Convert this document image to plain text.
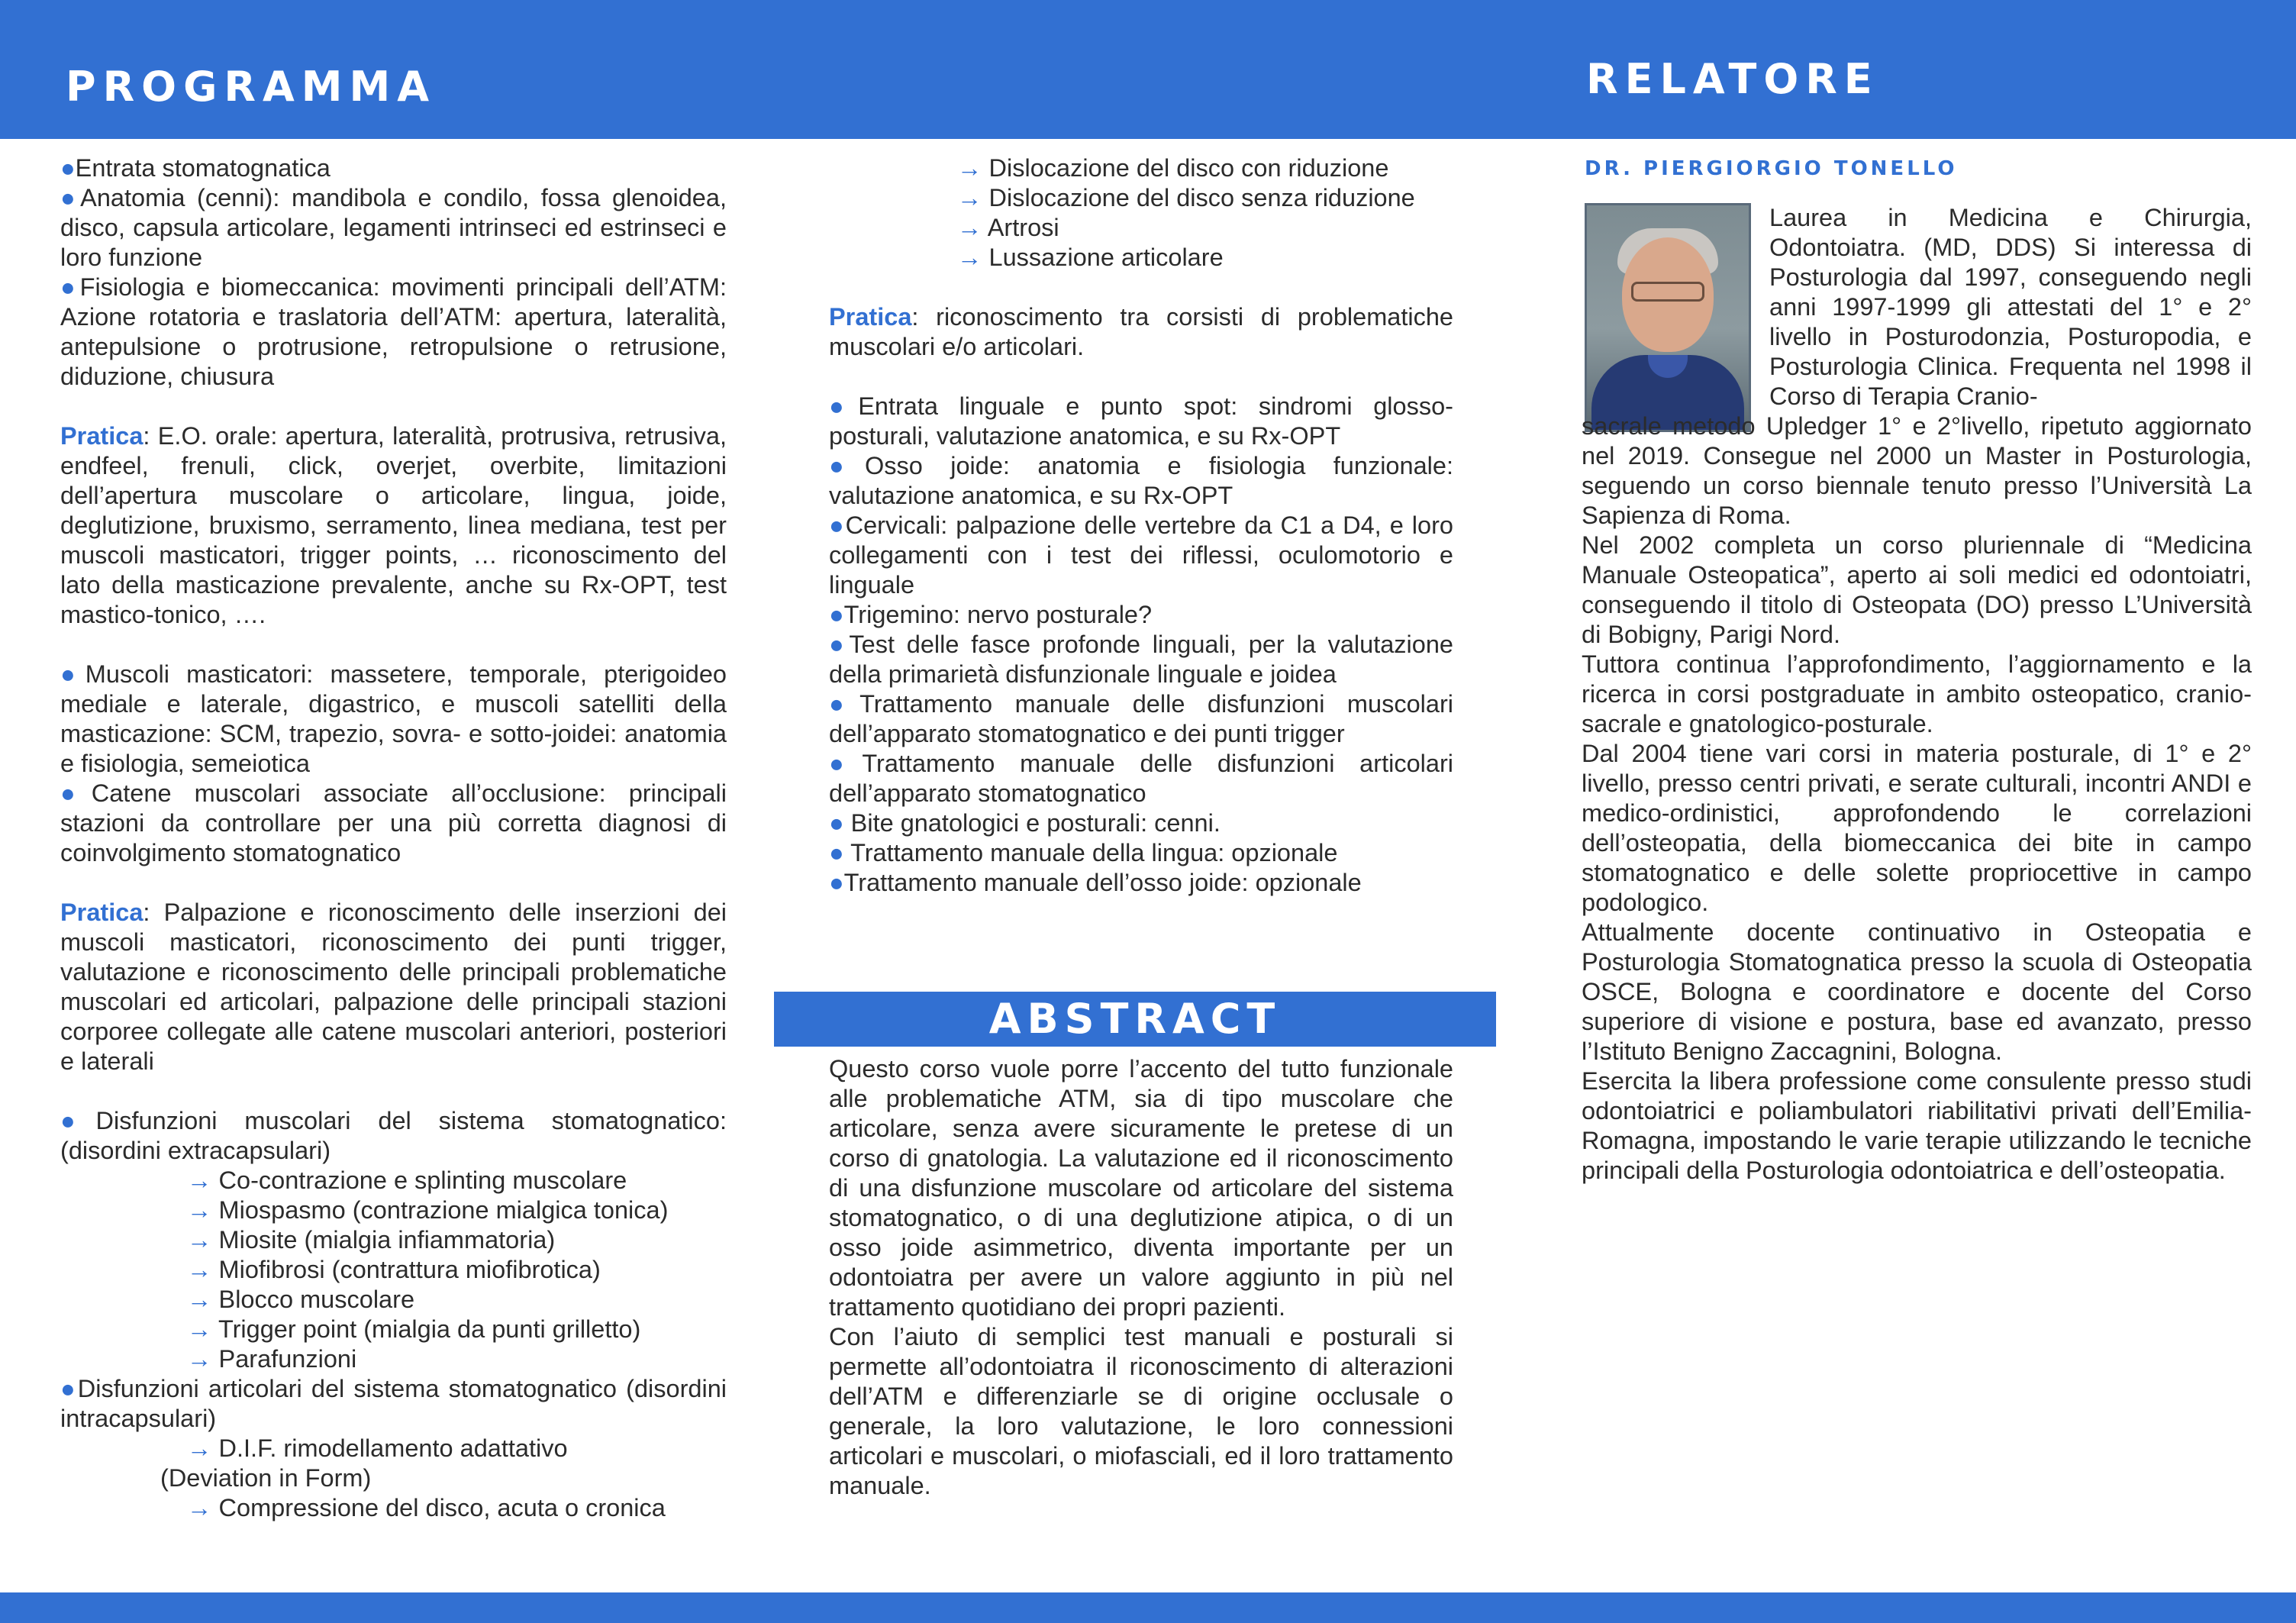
PROGRAMMA	RELATORE

●Entrata stomatognatica

●Anatomia (cenni): mandibola e condilo, fossa glenoidea, disco, capsula articolare, legamenti intrinseci ed estrinseci e loro funzione

●Fisiologia e biomeccanica: movimenti principali dell’ATM: Azione rotatoria e traslatoria dell’ATM: apertura, lateralità, antepulsione o protrusione, retropulsione o retrusione, diduzione, chiusura

Pratica: E.O. orale: apertura, lateralità, protrusiva, retrusiva, endfeel, frenuli, click, overjet, overbite, limitazioni dell’apertura muscolare o articolare, lingua, joide, deglutizione, bruxismo, serramento, linea mediana, test per muscoli masticatori, trigger points, … riconoscimento del lato della masticazione prevalente, anche su Rx-OPT, test mastico-tonico, ….

●Muscoli masticatori: massetere, temporale, pterigoideo mediale e laterale, digastrico, e muscoli satelliti della masticazione: SCM, trapezio, sovra- e sotto-joidei: anatomia e fisiologia, semeiotica

●Catene muscolari associate all’occlusione: principali stazioni da controllare per una più corretta diagnosi di coinvolgimento stomatognatico

Pratica: Palpazione e riconoscimento delle inserzioni dei muscoli masticatori, riconoscimento dei punti trigger, valutazione e riconoscimento delle principali problematiche muscolari ed articolari, palpazione delle principali stazioni corporee collegate alle catene muscolari anteriori, posteriori e laterali

●Disfunzioni muscolari del sistema stomatognatico: (disordini extracapsulari)

→ Co-contrazione e splinting muscolare

→ Miospasmo (contrazione mialgica tonica)

→ Miosite (mialgia infiammatoria)

→ Miofibrosi (contrattura miofibrotica)

→ Blocco muscolare

→ Trigger point (mialgia da punti grilletto)

→ Parafunzioni

●Disfunzioni articolari del sistema stomatognatico (disordini intracapsulari)

→ D.I.F. rimodellamento adattativo

(Deviation in Form)

→ Compressione del disco, acuta o cronica

→ Dislocazione del disco con riduzione

→ Dislocazione del disco senza riduzione

→ Artrosi

→ Lussazione articolare

Pratica: riconoscimento tra corsisti di problematiche muscolari e/o articolari.

●Entrata linguale e punto spot: sindromi glosso-posturali, valutazione anatomica, e su Rx-OPT

●Osso joide: anatomia e fisiologia funzionale: valutazione anatomica, e su Rx-OPT

●Cervicali: palpazione delle vertebre da C1 a D4, e loro collegamenti con i test dei riflessi, oculomotorio e linguale

●Trigemino: nervo posturale?

●Test delle fasce profonde linguali, per la valutazione della primarietà disfunzionale linguale e joidea

●Trattamento manuale delle disfunzioni muscolari dell’apparato stomatognatico e dei punti trigger

●Trattamento manuale delle disfunzioni articolari dell’apparato stomatognatico

● Bite gnatologici e posturali: cenni.

● Trattamento manuale della lingua: opzionale

●Trattamento manuale dell’osso joide: opzionale

ABSTRACT

Questo corso vuole porre l’accento del tutto funzionale alle problematiche ATM, sia di tipo muscolare che articolare, senza avere sicuramente le pretese di un corso di gnatologia. La valutazione ed il riconoscimento di una disfunzione muscolare od articolare del sistema stomatognatico, o di una deglutizione atipica, o di un osso joide asimmetrico, diventa importante per un odontoiatra per avere un valore aggiunto in più nel trattamento quotidiano dei propri pazienti.

Con l’aiuto di semplici test manuali e posturali si permette all’odontoiatra il riconoscimento di alterazioni dell’ATM e differenziarle se di origine occlusale o generale, la loro valutazione, le loro connessioni articolari e muscolari, o miofasciali, ed il loro trattamento manuale.

DR. PIERGIORGIO TONELLO

Laurea in Medicina e Chirurgia, Odontoiatra. (MD, DDS) Si interessa di Posturologia dal 1997, conseguendo negli anni 1997-1999 gli attestati del 1° e 2° livello in Posturodonzia, Posturopodia, e Posturologia Clinica. Frequenta nel 1998 il Corso di Terapia Cranio-

sacrale metodo Upledger 1° e 2°livello, ripetuto aggiornato nel 2019. Consegue nel 2000 un Master in Posturologia, seguendo un corso biennale tenuto presso l’Università La Sapienza di Roma.

Nel 2002 completa un corso pluriennale di “Medicina Manuale Osteopatica”, aperto ai soli medici ed odontoiatri, conseguendo il titolo di Osteopata (DO) presso L’Università di Bobigny, Parigi Nord.

Tuttora continua l’approfondimento, l’aggiornamento e la ricerca in corsi postgraduate in ambito osteopatico, cranio-sacrale e gnatologico-posturale.

Dal 2004 tiene vari corsi in materia posturale, di 1° e 2° livello, presso centri privati, e serate culturali, incontri ANDI e medico-ordinistici, approfondendo le correlazioni dell’osteopatia, della biomeccanica dei bite in campo stomatognatico e delle solette propriocettive in campo podologico.

Attualmente docente continuativo in Osteopatia e Posturologia Stomatognatica presso la scuola di Osteopatia OSCE, Bologna e coordinatore e docente del Corso superiore di visione e postura, base ed avanzato, presso l’Istituto Benigno Zaccagnini, Bologna.

Esercita la libera professione come consulente presso studi odontoiatrici e poliambulatori riabilitativi privati dell’Emilia-Romagna, impostando le varie terapie utilizzando le tecniche principali della Posturologia odontoiatrica e dell’osteopatia.
